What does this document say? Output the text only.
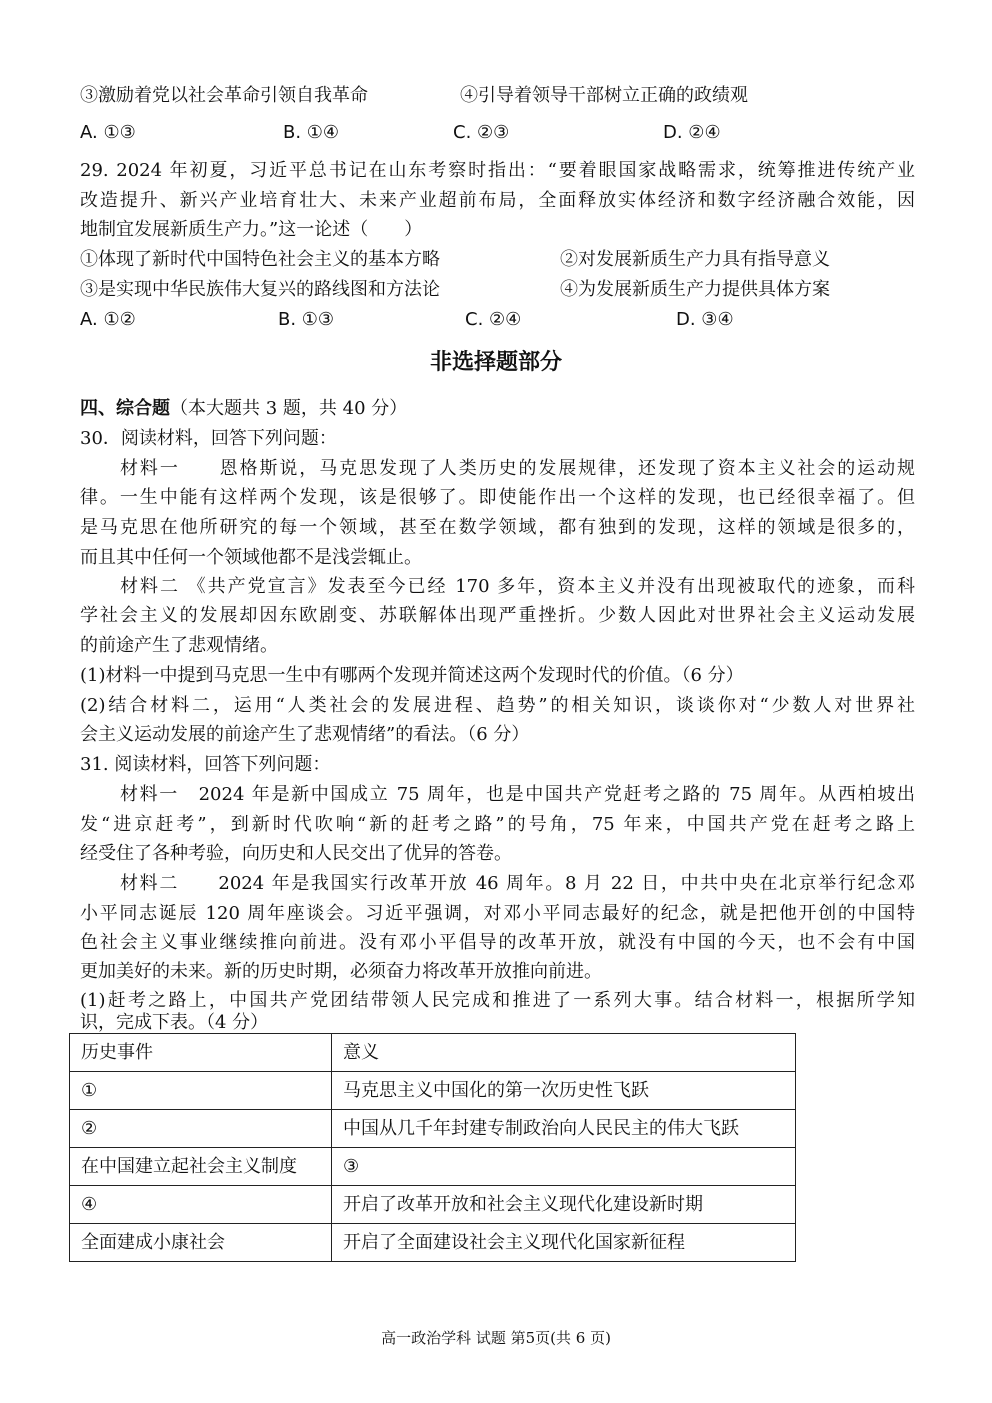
③激励着党以社会革命引领自我革命	④引导着领导干部树立正确的政绩观
A. ①③	B. ①④	C. ②③	D. ②④
29. 2024 年初夏，习近平总书记在山东考察时指出：“要着眼国家战略需求，统筹推进传统产业
改造提升、新兴产业培育壮大、未来产业超前布局，全面释放实体经济和数字经济融合效能，因
地制宜发展新质生产力。”这一论述（　　）
①体现了新时代中国特色社会主义的基本方略	②对发展新质生产力具有指导意义
③是实现中华民族伟大复兴的路线图和方法论	④为发展新质生产力提供具体方案
A. ①②	B. ①③	C. ②④	D. ③④
非选择题部分
四、综合题（本大题共 3 题，共 40 分）
30．阅读材料，回答下列问题：
材料一　　恩格斯说，马克思发现了人类历史的发展规律，还发现了资本主义社会的运动规
律。一生中能有这样两个发现，该是很够了。即使能作出一个这样的发现，也已经很幸福了。但
是马克思在他所研究的每一个领域，甚至在数学领域，都有独到的发现，这样的领域是很多的，
而且其中任何一个领域他都不是浅尝辄止。
材料二 《共产党宣言》发表至今已经 170 多年，资本主义并没有出现被取代的迹象，而科
学社会主义的发展却因东欧剧变、苏联解体出现严重挫折。少数人因此对世界社会主义运动发展
的前途产生了悲观情绪。
(1)材料一中提到马克思一生中有哪两个发现并简述这两个发现时代的价值。（6 分）
(2)结合材料二，运用“人类社会的发展进程、趋势”的相关知识，谈谈你对“少数人对世界社
会主义运动发展的前途产生了悲观情绪”的看法。（6 分）
31. 阅读材料，回答下列问题：
材料一　2024 年是新中国成立 75 周年，也是中国共产党赶考之路的 75 周年。从西柏坡出
发“进京赶考”，到新时代吹响“新的赶考之路”的号角，75 年来，中国共产党在赶考之路上
经受住了各种考验，向历史和人民交出了优异的答卷。
材料二　　2024 年是我国实行改革开放 46 周年。8 月 22 日，中共中央在北京举行纪念邓
小平同志诞辰 120 周年座谈会。习近平强调，对邓小平同志最好的纪念，就是把他开创的中国特
色社会主义事业继续推向前进。没有邓小平倡导的改革开放，就没有中国的今天，也不会有中国
更加美好的未来。新的历史时期，必须奋力将改革开放推向前进。
(1)赶考之路上，中国共产党团结带领人民完成和推进了一系列大事。结合材料一，根据所学知
识，完成下表。（4 分）
历史事件	意义
①	马克思主义中国化的第一次历史性飞跃
②	中国从几千年封建专制政治向人民民主的伟大飞跃
在中国建立起社会主义制度	③
④	开启了改革开放和社会主义现代化建设新时期
全面建成小康社会	开启了全面建设社会主义现代化国家新征程
高一政治学科 试题 第5页(共 6 页)
